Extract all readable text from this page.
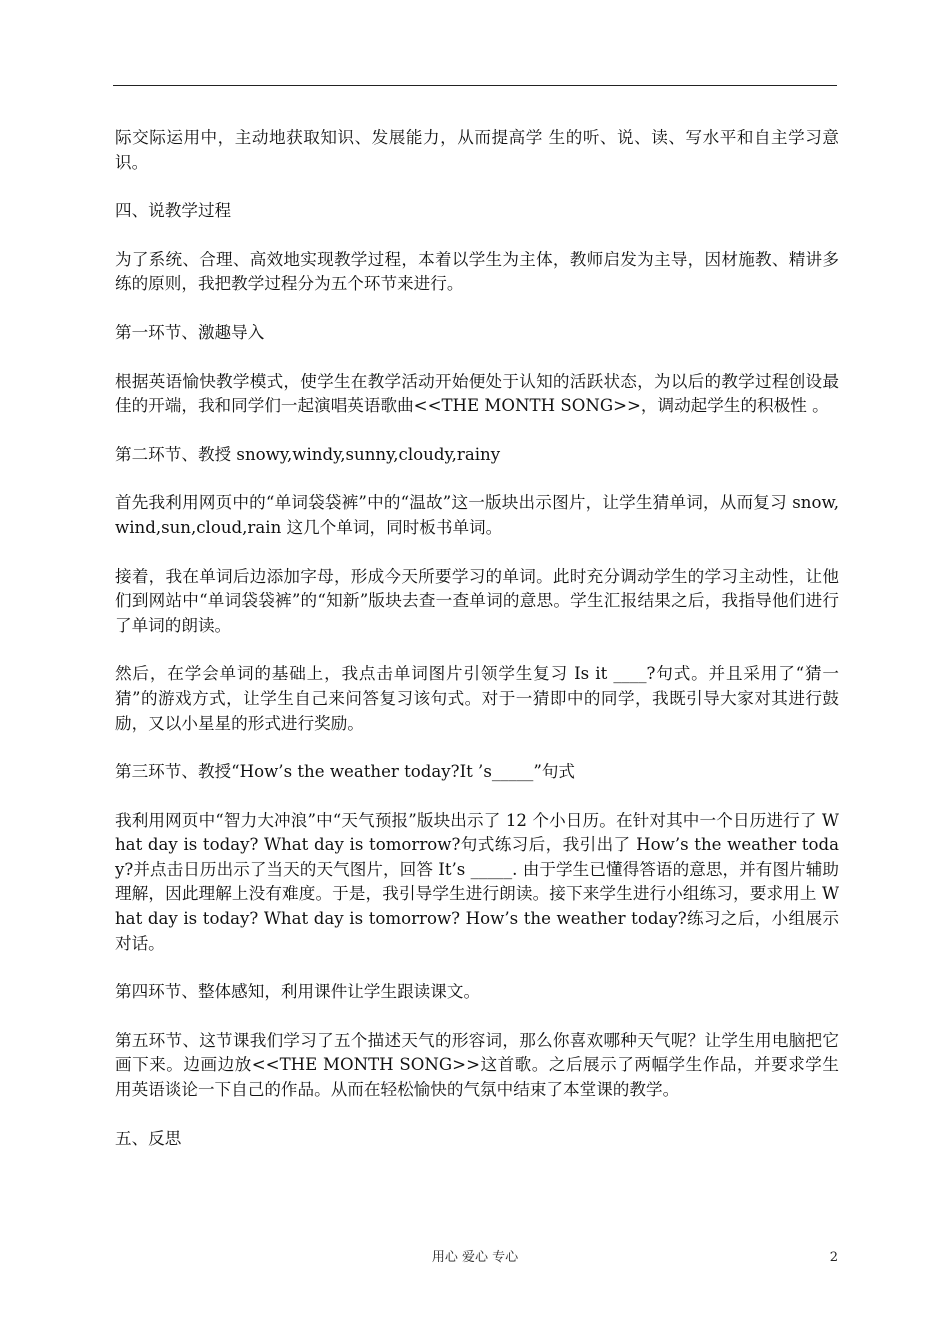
际交际运用中，主动地获取知识、发展能力，从而提高学 生的听、说、读、写水平和自主学习意识。

四、说教学过程

为了系统、合理、高效地实现教学过程，本着以学生为主体，教师启发为主导，因材施教、精讲多练的原则，我把教学过程分为五个环节来进行。

第一环节、激趣导入

根据英语愉快教学模式，使学生在教学活动开始便处于认知的活跃状态，为以后的教学过程创设最佳的开端，我和同学们一起演唱英语歌曲<<THE MONTH SONG>>，调动起学生的积极性 。

第二环节、教授 snowy,windy,sunny,cloudy,rainy

首先我利用网页中的“单词袋袋裤”中的“温故”这一版块出示图片，让学生猜单词，从而复习 snow,wind,sun,cloud,rain 这几个单词，同时板书单词。

接着，我在单词后边添加字母，形成今天所要学习的单词。此时充分调动学生的学习主动性，让他们到网站中“单词袋袋裤”的“知新”版块去查一查单词的意思。学生汇报结果之后，我指导他们进行了单词的朗读。

然后，在学会单词的基础上，我点击单词图片引领学生复习 Is it ____?句式。并且采用了“猜一猜”的游戏方式，让学生自己来问答复习该句式。对于一猜即中的同学，我既引导大家对其进行鼓励，又以小星星的形式进行奖励。

第三环节、教授“How’s the weather today?It ’s_____”句式

我利用网页中“智力大冲浪”中“天气预报”版块出示了 12 个小日历。在针对其中一个日历进行了 What day is today? What day is tomorrow?句式练习后，我引出了 How’s the weather today?并点击日历出示了当天的天气图片，回答 It’s _____. 由于学生已懂得答语的意思，并有图片辅助理解，因此理解上没有难度。于是，我引导学生进行朗读。接下来学生进行小组练习，要求用上 What day is today? What day is tomorrow? How’s the weather today?练习之后，小组展示对话。

第四环节、整体感知，利用课件让学生跟读课文。

第五环节、这节课我们学习了五个描述天气的形容词，那么你喜欢哪种天气呢？让学生用电脑把它画下来。边画边放<<THE MONTH SONG>>这首歌。之后展示了两幅学生作品，并要求学生用英语谈论一下自己的作品。从而在轻松愉快的气氛中结束了本堂课的教学。

五、反思

用心 爱心 专心	2
